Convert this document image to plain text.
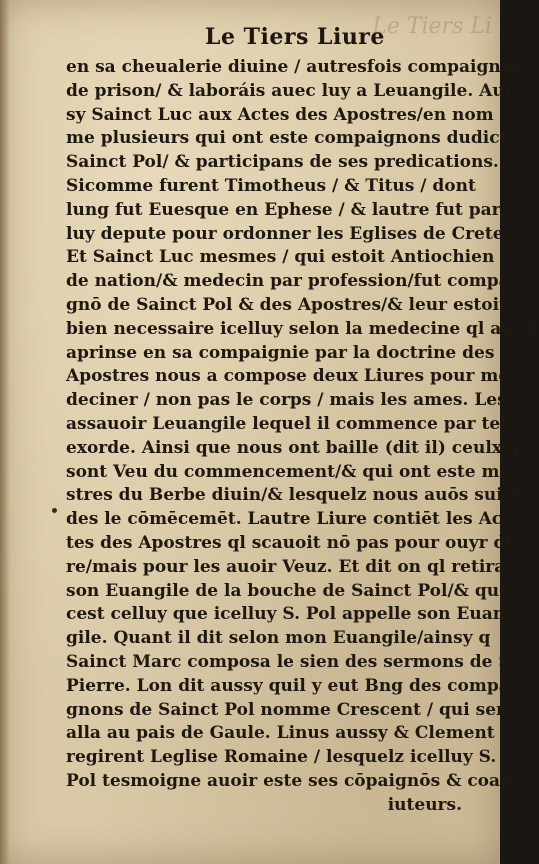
Le Tiers Li
Le Tiers Liure
en sa cheualerie diuine / autresfois compaignōs
de prison/ & laboráis auec luy a Leuangile. Auf-
sy Sainct Luc aux Actes des Apostres/en nom
me plusieurs qui ont este compaignons dudict
Sainct Pol/ & participans de ses predications.
Sicomme furent Timotheus / & Titus / dont
lung fut Euesque en Ephese / & lautre fut par
luy depute pour ordonner les Eglises de Crete.
Et Sainct Luc mesmes / qui estoit Antiochien
de nation/& medecin par profession/fut compai-
gnō de Sainct Pol & des Apostres/& leur estoit
bien necessaire icelluy selon la medecine ql auoit
aprinse en sa compaignie par la doctrine des
Apostres nous a compose deux Liures pour me-
deciner / non pas le corps / mais les ames. Lest
assauoir Leuangile lequel il commence par tel
exorde. Ainsi que nous ont baille (dit il) ceulx q
sont Veu du commencement/& qui ont este mini-
stres du Berbe diuin/& lesquelz nous auōs suiui
des le cōmēcemēt. Lautre Liure contiēt les Ac
tes des Apostres ql scauoit nō pas pour ouyr di
re/mais pour les auoir Veuz. Et dit on ql retira
son Euangile de la bouche de Sainct Pol/& que
cest celluy que icelluy S. Pol appelle son Euan
gile. Quant il dit selon mon Euangile/ainsy q
Sainct Marc composa le sien des sermons de S.
Pierre. Lon dit aussy quil y eut Bng des compai
gnons de Sainct Pol nomme Crescent / qui sen
alla au pais de Gaule. Linus aussy & Clement
regirent Leglise Romaine / lesquelz icelluy S.
Pol tesmoigne auoir este ses cōpaignōs & coad
iuteurs.
